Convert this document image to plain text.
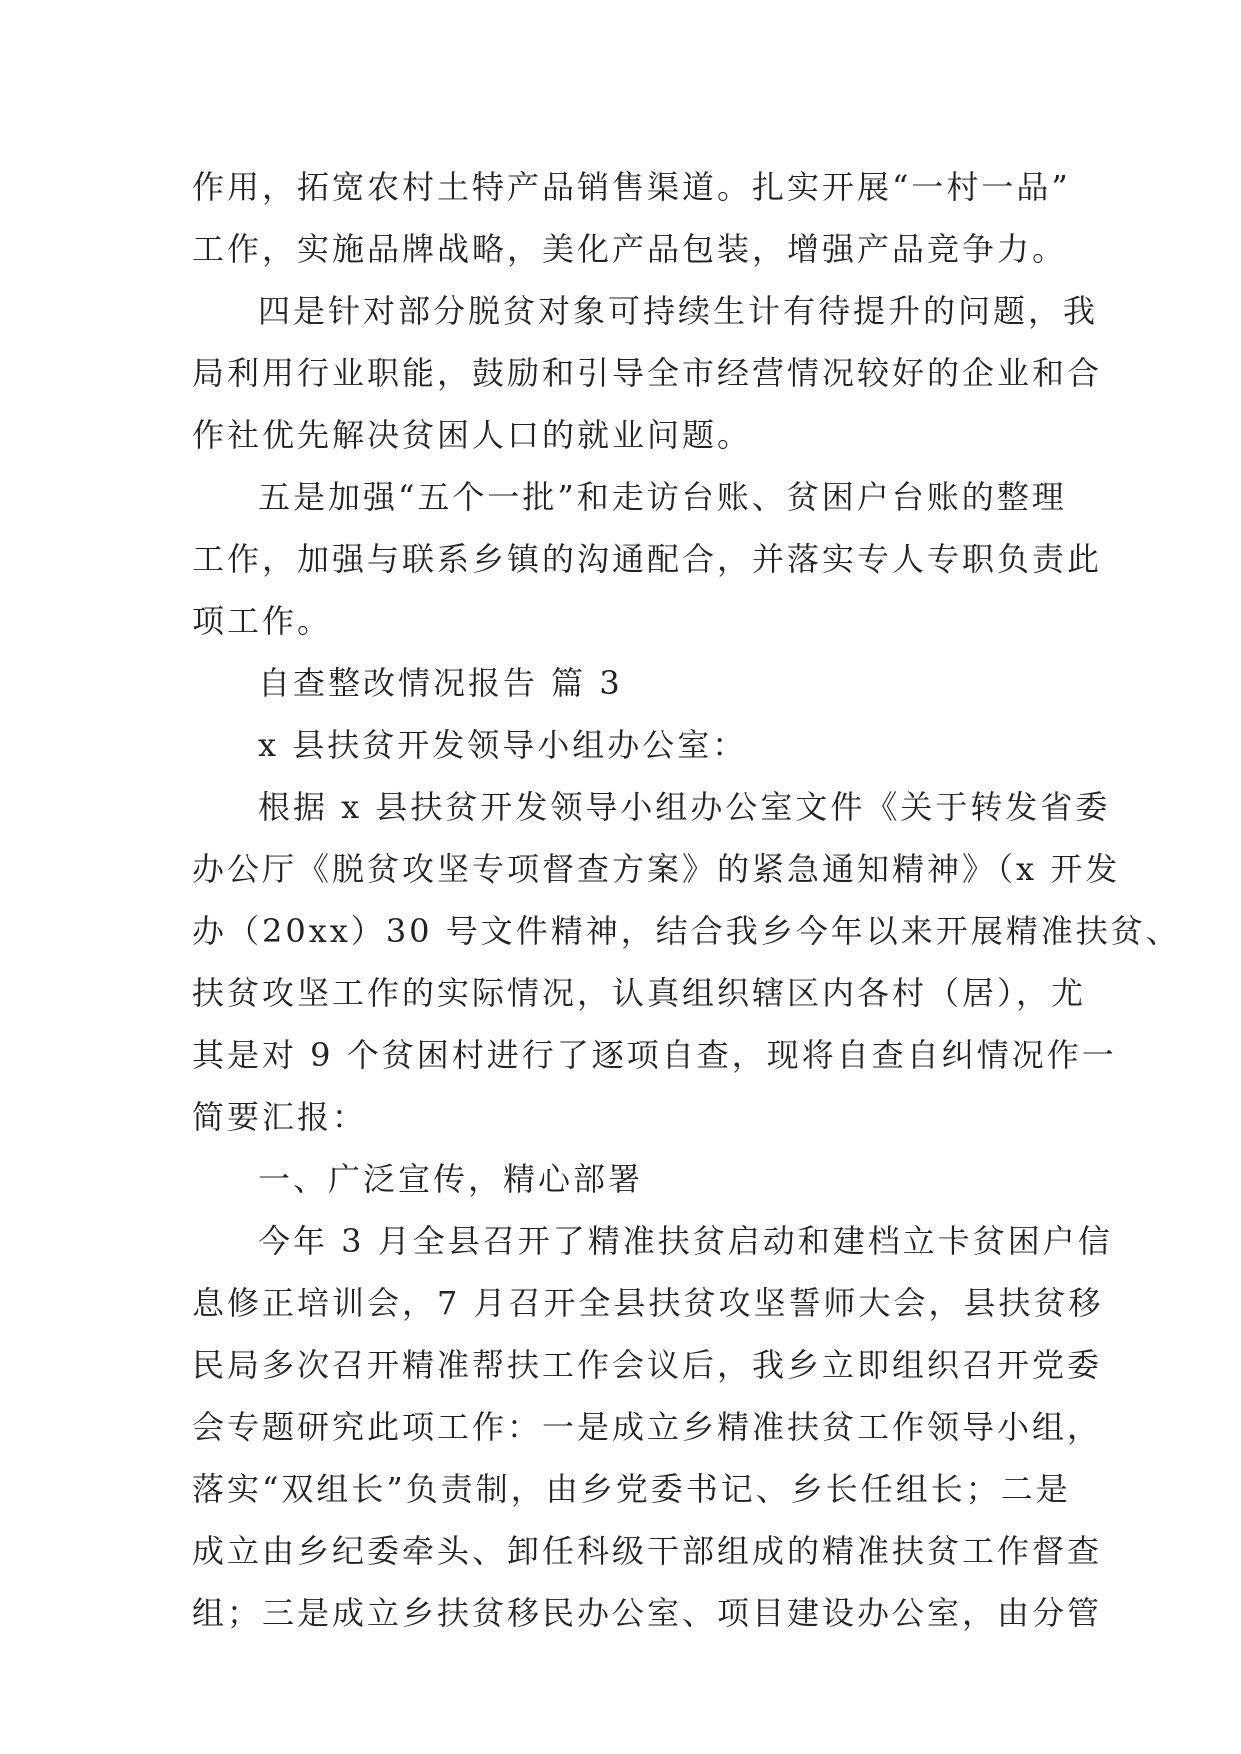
作用，拓宽农村土特产品销售渠道。扎实开展“一村一品”
工作，实施品牌战略，美化产品包装，增强产品竞争力。
四是针对部分脱贫对象可持续生计有待提升的问题，我
局利用行业职能，鼓励和引导全市经营情况较好的企业和合
作社优先解决贫困人口的就业问题。
五是加强“五个一批”和走访台账、贫困户台账的整理
工作，加强与联系乡镇的沟通配合，并落实专人专职负责此
项工作。
自查整改情况报告 篇 3
x 县扶贫开发领导小组办公室：
根据 x 县扶贫开发领导小组办公室文件《关于转发省委
办公厅《脱贫攻坚专项督查方案》的紧急通知精神》（x 开发
办（20xx）30 号文件精神，结合我乡今年以来开展精准扶贫、
扶贫攻坚工作的实际情况，认真组织辖区内各村（居），尤
其是对 9 个贫困村进行了逐项自查，现将自查自纠情况作一
简要汇报：
一、广泛宣传，精心部署
今年 3 月全县召开了精准扶贫启动和建档立卡贫困户信
息修正培训会，7 月召开全县扶贫攻坚誓师大会，县扶贫移
民局多次召开精准帮扶工作会议后，我乡立即组织召开党委
会专题研究此项工作：一是成立乡精准扶贫工作领导小组，
落实“双组长”负责制，由乡党委书记、乡长任组长；二是
成立由乡纪委牵头、卸任科级干部组成的精准扶贫工作督查
组；三是成立乡扶贫移民办公室、项目建设办公室，由分管
